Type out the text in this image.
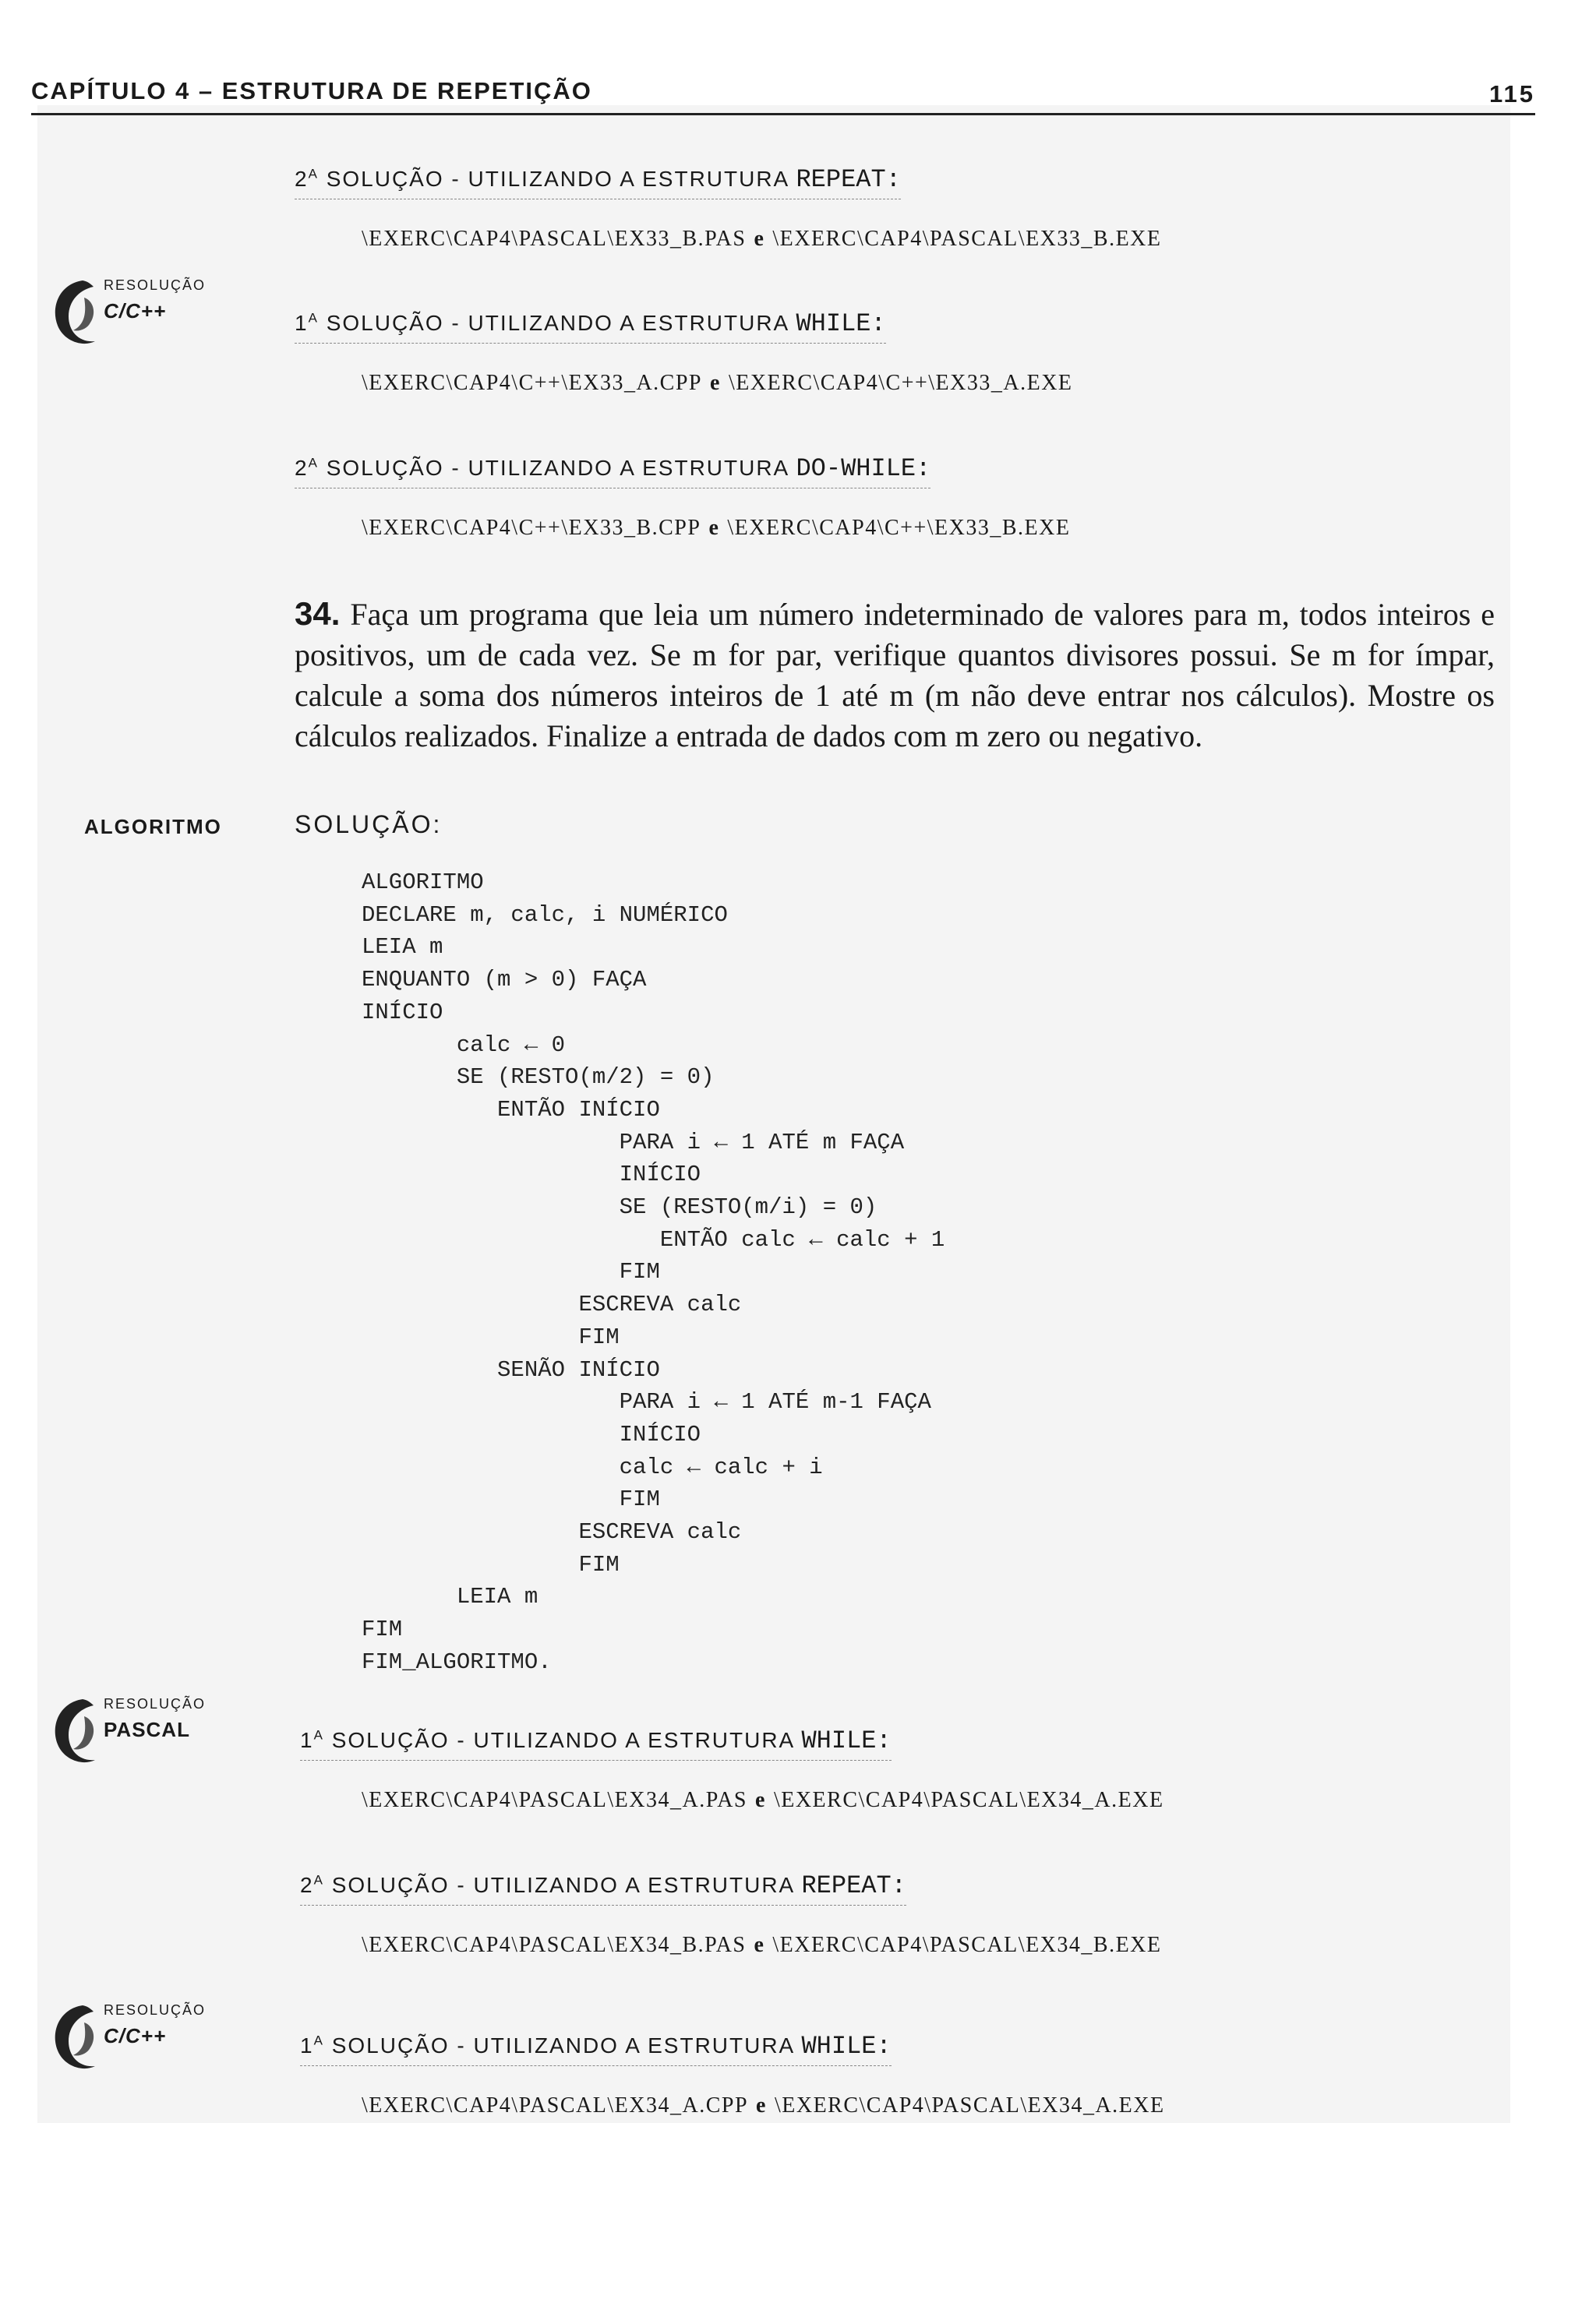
CAPÍTULO 4 – ESTRUTURA DE REPETIÇÃO	115
$2^A$ SOLUÇÃO - UTILIZANDO A ESTRUTURA REPEAT:
\EXERC\CAP4\PASCAL\EX33_B.PAS e \EXERC\CAP4\PASCAL\EX33_B.EXE
RESOLUÇÃO
C/C++	$1^A$ SOLUÇÃO - UTILIZANDO A ESTRUTURA WHILE:
\EXERC\CAP4\C++\EX33_A.CPP e \EXERC\CAP4\C++\EX33_A.EXE
$2^A$ SOLUÇÃO - UTILIZANDO A ESTRUTURA DO-WHILE:
\EXERC\CAP4\C++\EX33_B.CPP e \EXERC\CAP4\C++\EX33_B.EXE
34. Faça um programa que leia um número indeterminado de valores para m, todos inteiros e positivos, um de cada vez. Se m for par, verifique quantos divisores possui. Se m for ímpar, calcule a soma dos números inteiros de 1 até m (m não deve entrar nos cálculos). Mostre os cálculos realizados. Finalize a entrada de dados com m zero ou negativo.
ALGORITMO	SOLUÇÃO:
ALGORITMO
DECLARE m, calc, i NUMÉRICO
LEIA m
ENQUANTO (m > 0) FAÇA
INÍCIO
calc ← 0
SE (RESTO(m/2) = 0)
ENTÃO INÍCIO
PARA i ← 1 ATÉ m FAÇA
INÍCIO
SE (RESTO(m/i) = 0)
ENTÃO calc ← calc + 1
FIM
ESCREVA calc
FIM
SENÃO INÍCIO
PARA i ← 1 ATÉ m-1 FAÇA
INÍCIO
calc ← calc + i
FIM
ESCREVA calc
FIM
LEIA m
FIM
FIM_ALGORITMO.
RESOLUÇÃO
PASCAL	$1^A$ SOLUÇÃO - UTILIZANDO A ESTRUTURA WHILE:
\EXERC\CAP4\PASCAL\EX34_A.PAS e \EXERC\CAP4\PASCAL\EX34_A.EXE
$2^A$ SOLUÇÃO - UTILIZANDO A ESTRUTURA REPEAT:
\EXERC\CAP4\PASCAL\EX34_B.PAS e \EXERC\CAP4\PASCAL\EX34_B.EXE
RESOLUÇÃO
C/C++	$1^A$ SOLUÇÃO - UTILIZANDO A ESTRUTURA WHILE:
\EXERC\CAP4\PASCAL\EX34_A.CPP e \EXERC\CAP4\PASCAL\EX34_A.EXE
